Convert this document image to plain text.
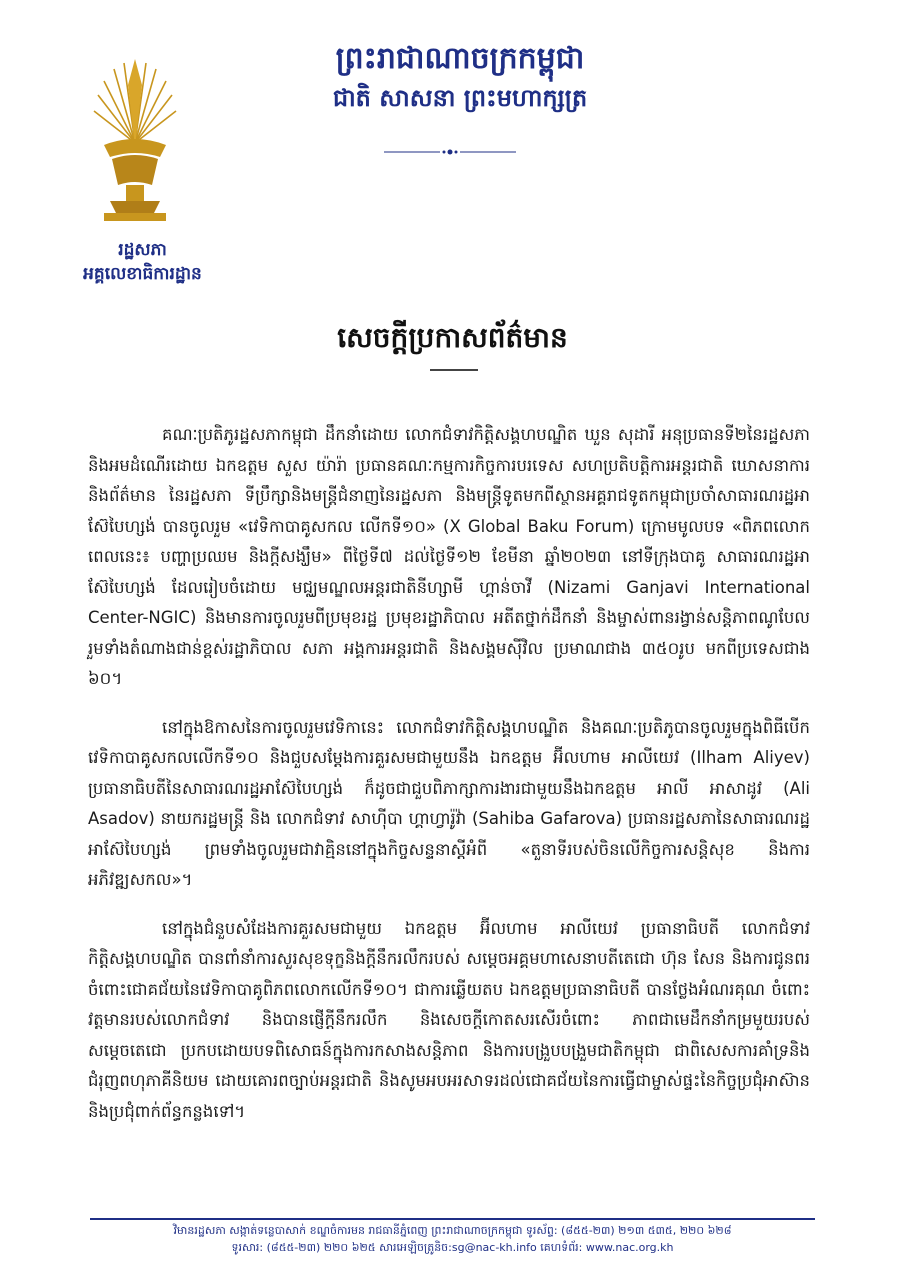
រដ្ឋសភា
អគ្គលេខាធិការដ្ឋាន
ព្រះរាជាណាចក្រកម្ពុជា
ជាតិ សាសនា ព្រះមហាក្សត្រ
សេចក្ដីប្រកាសព័ត៌មាន

គណៈប្រតិភូរដ្ឋសភាកម្ពុជា ដឹកនាំដោយ លោកជំទាវកិត្តិសង្គហបណ្ឌិត ឃួន សុដារី អនុប្រធានទី២នៃរដ្ឋសភា និងអមដំណើរដោយ ឯកឧត្ដម សួស យ៉ារ៉ា ប្រធានគណៈកម្មការកិច្ចការបរទេស សហប្រតិបត្តិការអន្តរជាតិ ឃោសនាការ និងព័ត៌មាន នៃរដ្ឋសភា ទីប្រឹក្សានិងមន្ត្រីជំនាញនៃរដ្ឋសភា និងមន្ត្រីទូតមកពីស្ថានអគ្គរាជទូតកម្ពុជាប្រចាំសាធារណរដ្ឋអាស៊ែបៃហ្សង់ បានចូលរួម «វេទិកាបាគូសកល លើកទី១០» (X Global Baku Forum) ក្រោមមូលបទ «ពិភពលោកពេលនេះ៖ បញ្ហាប្រឈម និងក្ដីសង្ឃឹម» ពីថ្ងៃទី៧ ដល់ថ្ងៃទី១២ ខែមីនា ឆ្នាំ២០២៣ នៅទីក្រុងបាគូ សាធារណរដ្ឋអាស៊ែបៃហ្សង់ ដែលរៀបចំដោយ មជ្ឈមណ្ឌលអន្តរជាតិនីហ្សាមី ហ្គាន់ចាវី (Nizami Ganjavi International Center-NGIC) និងមានការចូលរួមពីប្រមុខរដ្ឋ ប្រមុខរដ្ឋាភិបាល អតីតថ្នាក់ដឹកនាំ និងម្ចាស់ពានរង្វាន់សន្តិភាពណូបែល រួមទាំងតំណាងជាន់ខ្ពស់រដ្ឋាភិបាល សភា អង្គការអន្តរជាតិ និងសង្គមស៊ីវិល ប្រមាណជាង ៣៥០រូប មកពីប្រទេសជាង ៦០។

នៅក្នុងឱកាសនៃការចូលរួមវេទិកានេះ លោកជំទាវកិត្តិសង្គហបណ្ឌិត និងគណៈប្រតិភូបានចូលរួមក្នុងពិធីបើកវេទិកាបាគូសកលលើកទី១០ និងជួបសម្ដែងការគួរសមជាមួយនឹង ឯកឧត្ដម អ៊ីលហាម អាលីយេវ (Ilham Aliyev) ប្រធានាធិបតីនៃសាធារណរដ្ឋអាស៊ែបៃហ្សង់ ក៏ដូចជាជួបពិភាក្សាការងារជាមួយនឹងឯកឧត្ដម អាលី អាសាដូវ (Ali Asadov) នាយករដ្ឋមន្ត្រី និង លោកជំទាវ សាហ៊ីបា ហ្គាហ្វារ៉ូវ៉ា (Sahiba Gafarova) ប្រធានរដ្ឋសភានៃសាធារណរដ្ឋអាស៊ែបៃហ្សង់ ព្រមទាំងចូលរួមជាវាគ្មិននៅក្នុងកិច្ចសន្ទនាស្ដីអំពី «តួនាទីរបស់ចិនលើកិច្ចការសន្តិសុខ និងការអភិវឌ្ឍសកល»។

នៅក្នុងជំនួបសំដែងការគួរសមជាមួយ ឯកឧត្ដម អ៊ីលហាម អាលីយេវ ប្រធានាធិបតី លោកជំទាវកិត្តិសង្គហបណ្ឌិត បានពាំនាំការសួរសុខទុក្ខនិងក្តីនឹករលឹករបស់ សម្ដេចអគ្គមហាសេនាបតីតេជោ ហ៊ុន សែន និងការជូនពរចំពោះជោគជ័យនៃវេទិកាបាគូពិភពលោកលើកទី១០។ ជាការឆ្លើយតប ឯកឧត្ដមប្រធានាធិបតី បានថ្លែងអំណរគុណ ចំពោះវត្តមានរបស់លោកជំទាវ និងបានផ្ញើក្តីនឹករលឹក និងសេចក្ដីកោតសរសើរចំពោះ ភាពជាមេដឹកនាំកម្រមួយរបស់ សម្ដេចតេជោ ប្រកបដោយបទពិសោធន៍ក្នុងការកសាងសន្តិភាព និងការបង្រួបបង្រួមជាតិកម្ពុជា ជាពិសេសការគាំទ្រនិងជំរុញពហុភាគីនិយម ដោយគោរពច្បាប់អន្តរជាតិ និងសូមអបអរសាទរដល់ជោគជ័យនៃការធ្វើជាម្ចាស់ផ្ទះនៃកិច្ចប្រជុំអាស៊ាន និងប្រជុំពាក់ព័ន្ធកន្លងទៅ។

វិមានរដ្ឋសភា សង្កាត់ទន្លេបាសាក់ ខណ្ឌចំការមន រាជធានីភ្នំពេញ ព្រះរាជាណាចក្រកម្ពុជា ទូរស័ព្ទ: (៨៥៥-២៣) ២១៣ ៥៣៥, ២២០ ៦២៨
ទូរសារ: (៨៥៥-២៣) ២២០ ៦២៥ សារអេឡិចត្រូនិច:sg@nac-kh.info គេហទំព័រ: www.nac.org.kh
